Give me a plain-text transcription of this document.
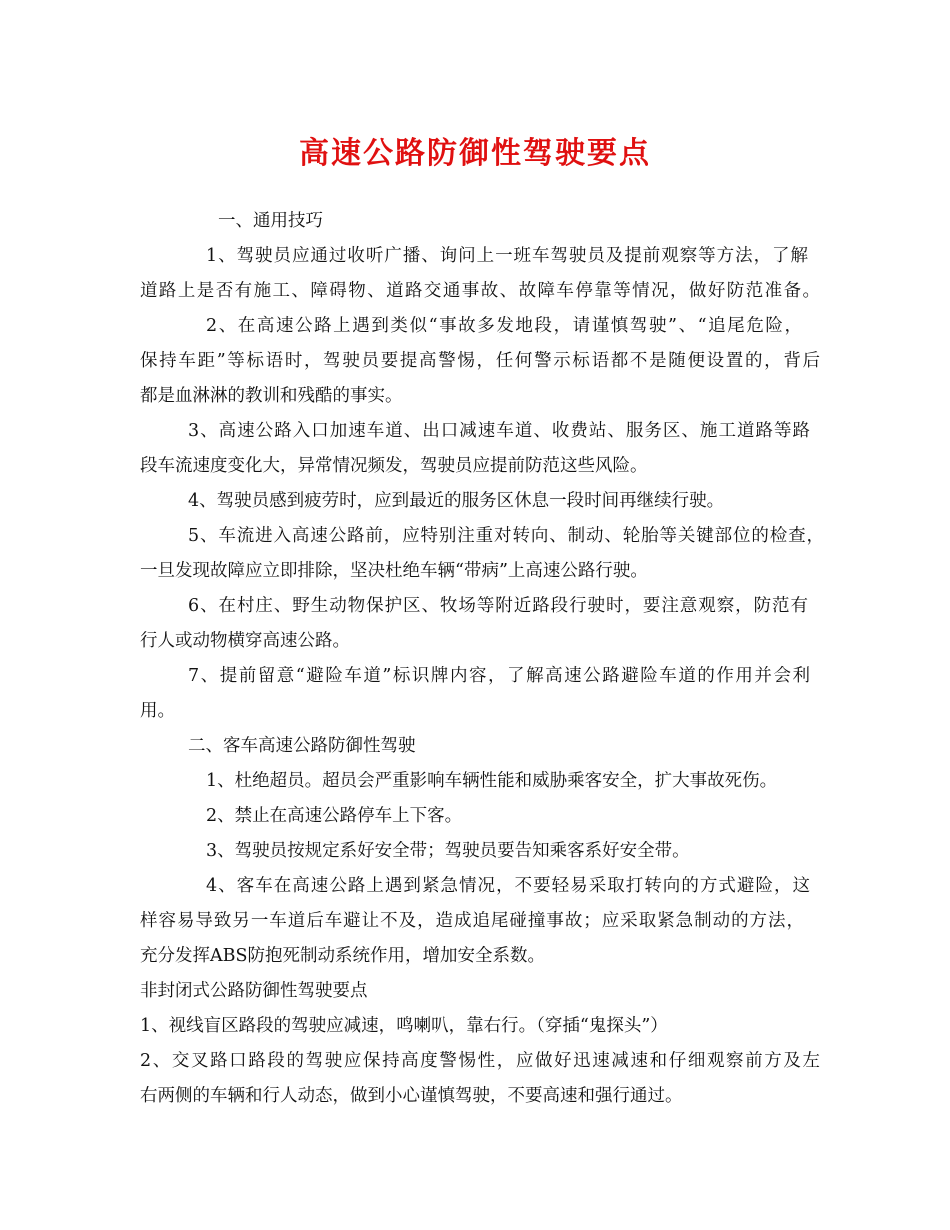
高速公路防御性驾驶要点
一、通用技巧
1、驾驶员应通过收听广播、询问上一班车驾驶员及提前观察等方法，了解
道路上是否有施工、障碍物、道路交通事故、故障车停靠等情况，做好防范准备。
2、在高速公路上遇到类似“事故多发地段，请谨慎驾驶”、“追尾危险，
保持车距”等标语时，驾驶员要提高警惕，任何警示标语都不是随便设置的，背后
都是血淋淋的教训和残酷的事实。
3、高速公路入口加速车道、出口减速车道、收费站、服务区、施工道路等路
段车流速度变化大，异常情况频发，驾驶员应提前防范这些风险。
4、驾驶员感到疲劳时，应到最近的服务区休息一段时间再继续行驶。
5、车流进入高速公路前，应特别注重对转向、制动、轮胎等关键部位的检查，
一旦发现故障应立即排除，坚决杜绝车辆“带病”上高速公路行驶。
6、在村庄、野生动物保护区、牧场等附近路段行驶时，要注意观察，防范有
行人或动物横穿高速公路。
7、提前留意“避险车道”标识牌内容，了解高速公路避险车道的作用并会利
用。
二、客车高速公路防御性驾驶
1、杜绝超员。超员会严重影响车辆性能和威胁乘客安全，扩大事故死伤。
2、禁止在高速公路停车上下客。
3、驾驶员按规定系好安全带；驾驶员要告知乘客系好安全带。
4、客车在高速公路上遇到紧急情况，不要轻易采取打转向的方式避险，这
样容易导致另一车道后车避让不及，造成追尾碰撞事故；应采取紧急制动的方法，
充分发挥ABS防抱死制动系统作用，增加安全系数。
非封闭式公路防御性驾驶要点
1、视线盲区路段的驾驶应减速，鸣喇叭，靠右行。（穿插“鬼探头”）
2、交叉路口路段的驾驶应保持高度警惕性，应做好迅速减速和仔细观察前方及左
右两侧的车辆和行人动态，做到小心谨慎驾驶，不要高速和强行通过。
